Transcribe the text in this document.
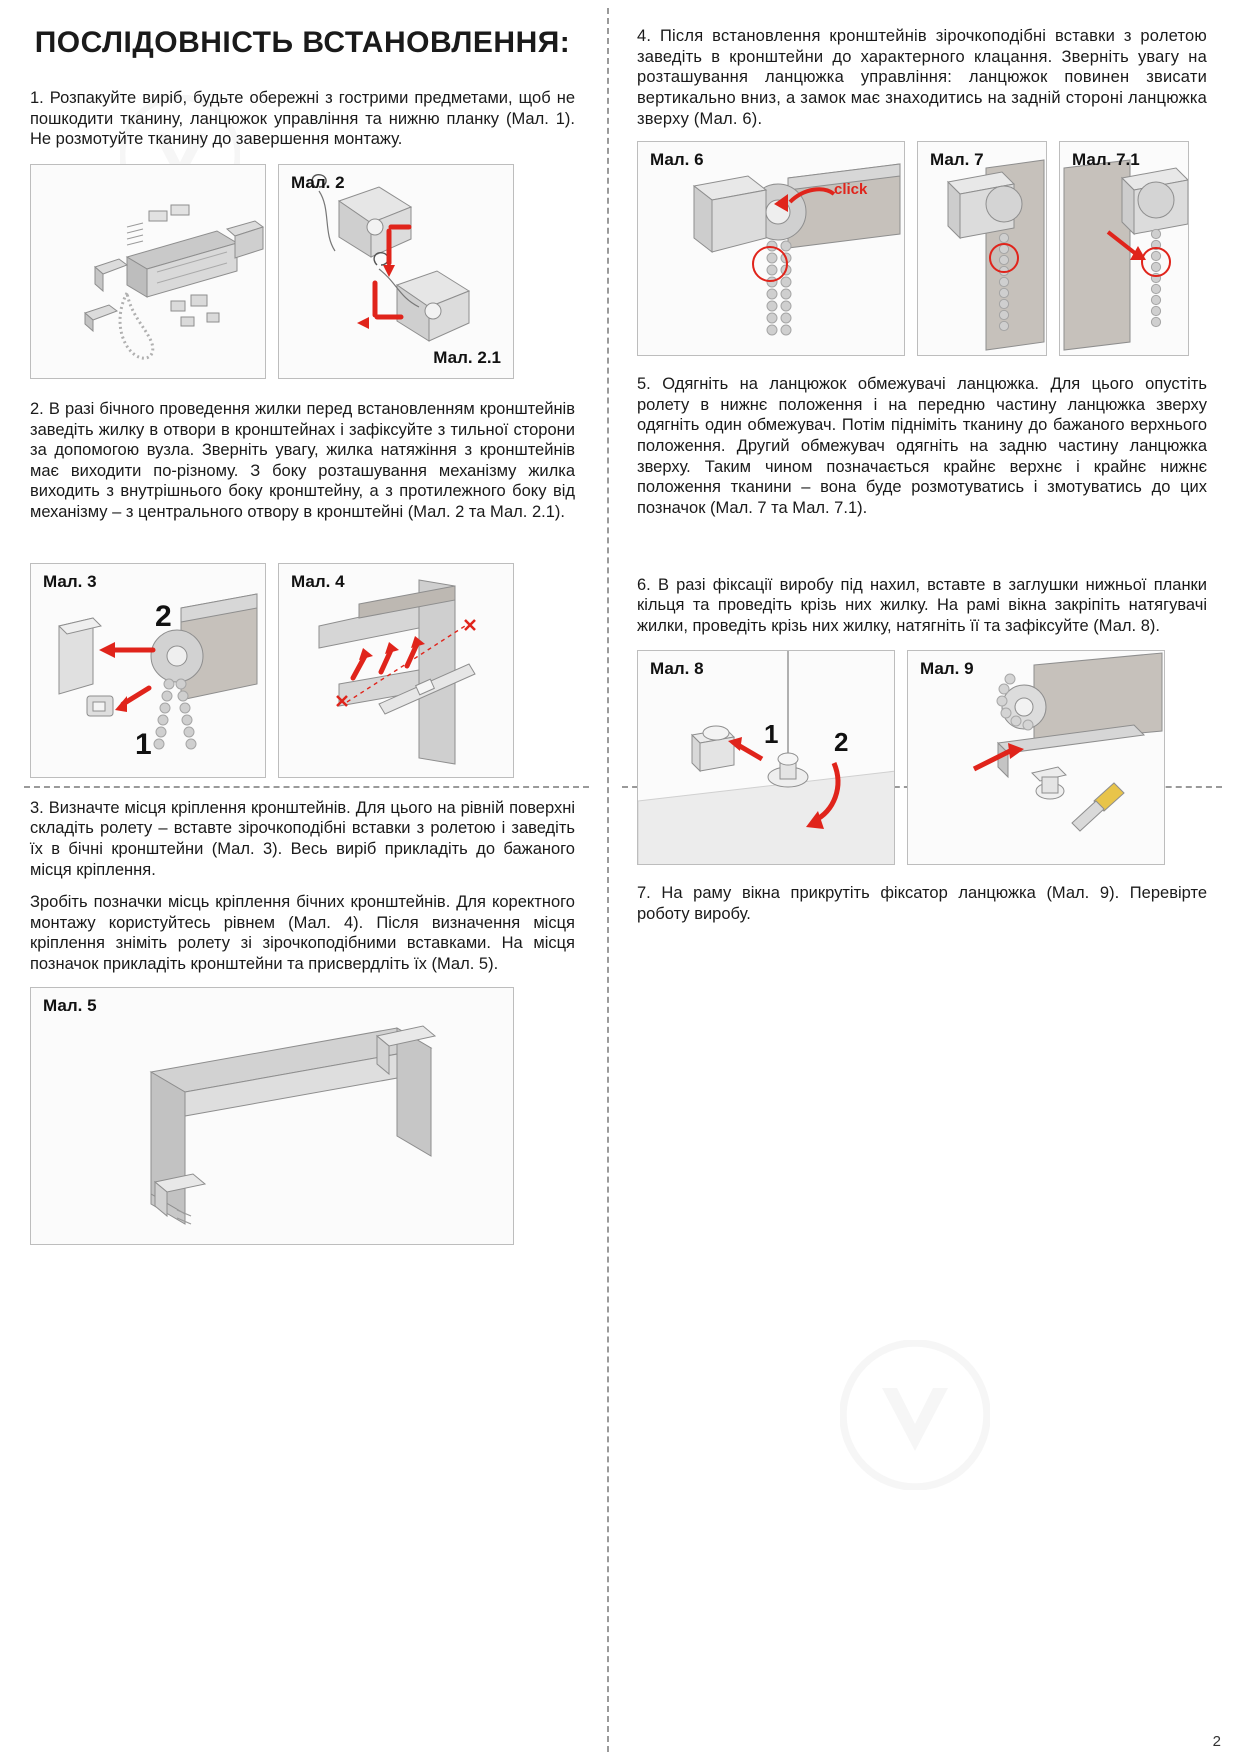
ПОСЛІДОВНІСТЬ ВСТАНОВЛЕННЯ:

1. Розпакуйте виріб, будьте обережні з гострими предметами, щоб не пошкодити тканину, ланцюжок управління та нижню планку (Мал. 1). Не розмотуйте тканину до завершення монтажу.

Мал. 2
Мал. 2.1

2. В разі бічного проведення жилки перед встановленням кронштейнів заведіть жилку в отвори в кронштейнах і зафіксуйте з тильної сторони за допомогою вузла. Зверніть увагу, жилка натяжіння з кронштейнів має виходити по-різному. З боку розташування механізму жилка виходить з внутрішнього боку кронштейну, а з протилежного боку від механізму – з центрального отвору в кронштейні (Мал. 2 та Мал. 2.1).

Мал. 3
2
1
Мал. 4

3. Визначте місця кріплення кронштейнів. Для цього на рівній поверхні складіть ролету – вставте зірочкоподібні вставки з ролетою і заведіть їх в бічні кронштейни (Мал. 3). Весь виріб прикладіть до бажаного місця кріплення.

Зробіть позначки місць кріплення бічних кронштейнів. Для коректного монтажу користуйтесь рівнем (Мал. 4). Після визначення місця кріплення зніміть ролету зі зірочкоподібними вставками. На місця позначок прикладіть кронштейни та присвердліть їх (Мал. 5).

Мал. 5

4. Після встановлення кронштейнів зірочкоподібні вставки з ролетою заведіть в кронштейни до характерного клацання. Зверніть увагу на розташування ланцюжка управління: ланцюжок повинен звисати вертикально вниз, а замок має знаходитись на задній стороні ланцюжка зверху (Мал. 6).

Мал. 6
click
Мал. 7	Мал. 7.1

5. Одягніть на ланцюжок обмежувачі ланцюжка. Для цього опустіть ролету в нижнє положення і на передню частину ланцюжка зверху одягніть один обмежувач. Потім підніміть тканину до бажаного верхнього положення. Другий обмежувач одягніть на задню частину ланцюжка зверху. Таким чином позначається крайнє верхнє і крайнє нижнє положення тканини – вона буде розмотуватись і змотуватись до цих позначок (Мал. 7 та Мал. 7.1).

6. В разі фіксації виробу під нахил, вставте в заглушки нижньої планки кільця та проведіть крізь них жилку. На рамі вікна закріпіть натягувачі жилки, проведіть крізь них жилку, натягніть її та зафіксуйте (Мал. 8).

Мал. 8
2
1
Мал. 9

7. На раму вікна прикрутіть фіксатор ланцюжка (Мал. 9). Перевірте роботу виробу.

2
